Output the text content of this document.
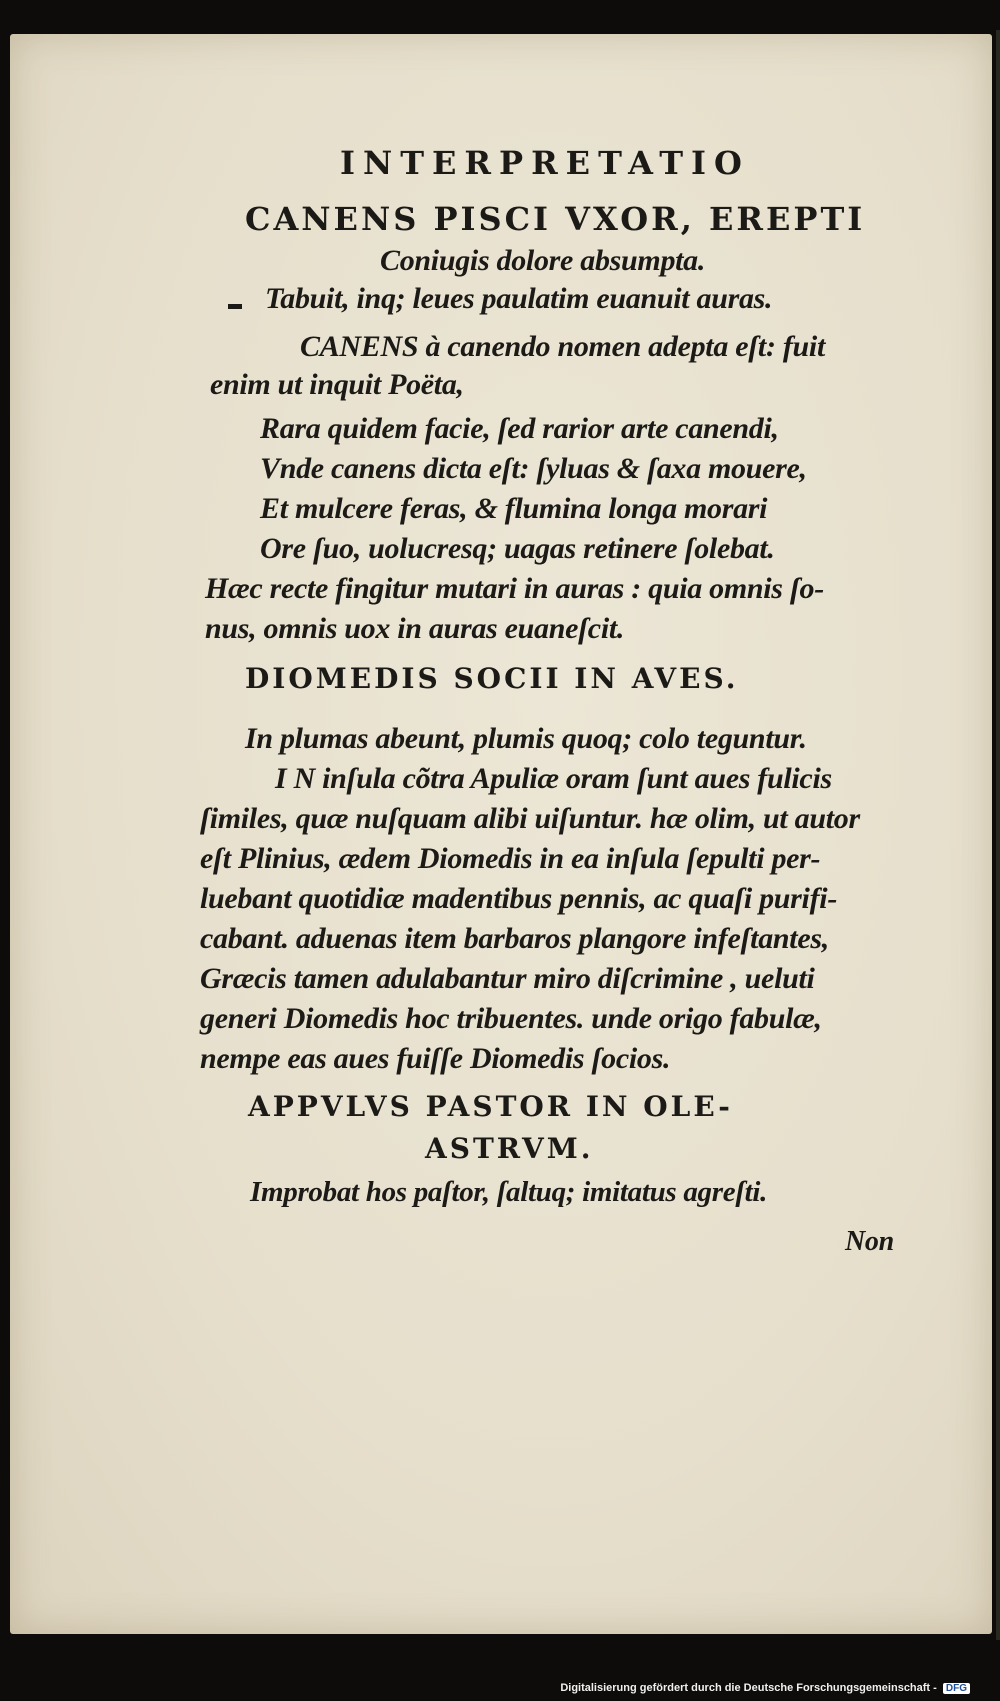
INTERPRETATIO
CANENS PISCI VXOR, EREPTI
Coniugis dolore absumpta.
Tabuit, inq; leues paulatim euanuit auras.
CANENS à canendo nomen adepta eſt: fuit
enim ut inquit Poëta,
Rara quidem facie, ſed rarior arte canendi,
Vnde canens dicta eſt: ſyluas & ſaxa mouere,
Et mulcere feras, & flumina longa morari
Ore ſuo, uolucresq; uagas retinere ſolebat.
Hæc recte fingitur mutari in auras : quia omnis ſo-
nus, omnis uox in auras euaneſcit.
DIOMEDIS SOCII IN AVES.
In plumas abeunt, plumis quoq; colo teguntur.
I N inſula cõtra Apuliæ oram ſunt aues fulicis
ſimiles, quæ nuſquam alibi uiſuntur. hæ olim, ut autor
eſt Plinius, ædem Diomedis in ea inſula ſepulti per-
luebant quotidiæ madentibus pennis, ac quaſi purifi-
cabant. aduenas item barbaros plangore infeſtantes,
Græcis tamen adulabantur miro diſcrimine , ueluti
generi Diomedis hoc tribuentes. unde origo fabulæ,
nempe eas aues fuiſſe Diomedis ſocios.
APPVLVS PASTOR IN OLE-
ASTRVM.
Improbat hos paſtor, ſaltuq; imitatus agreſti.
Non
Digitalisierung gefördert durch die Deutsche Forschungsgemeinschaft - DFG
